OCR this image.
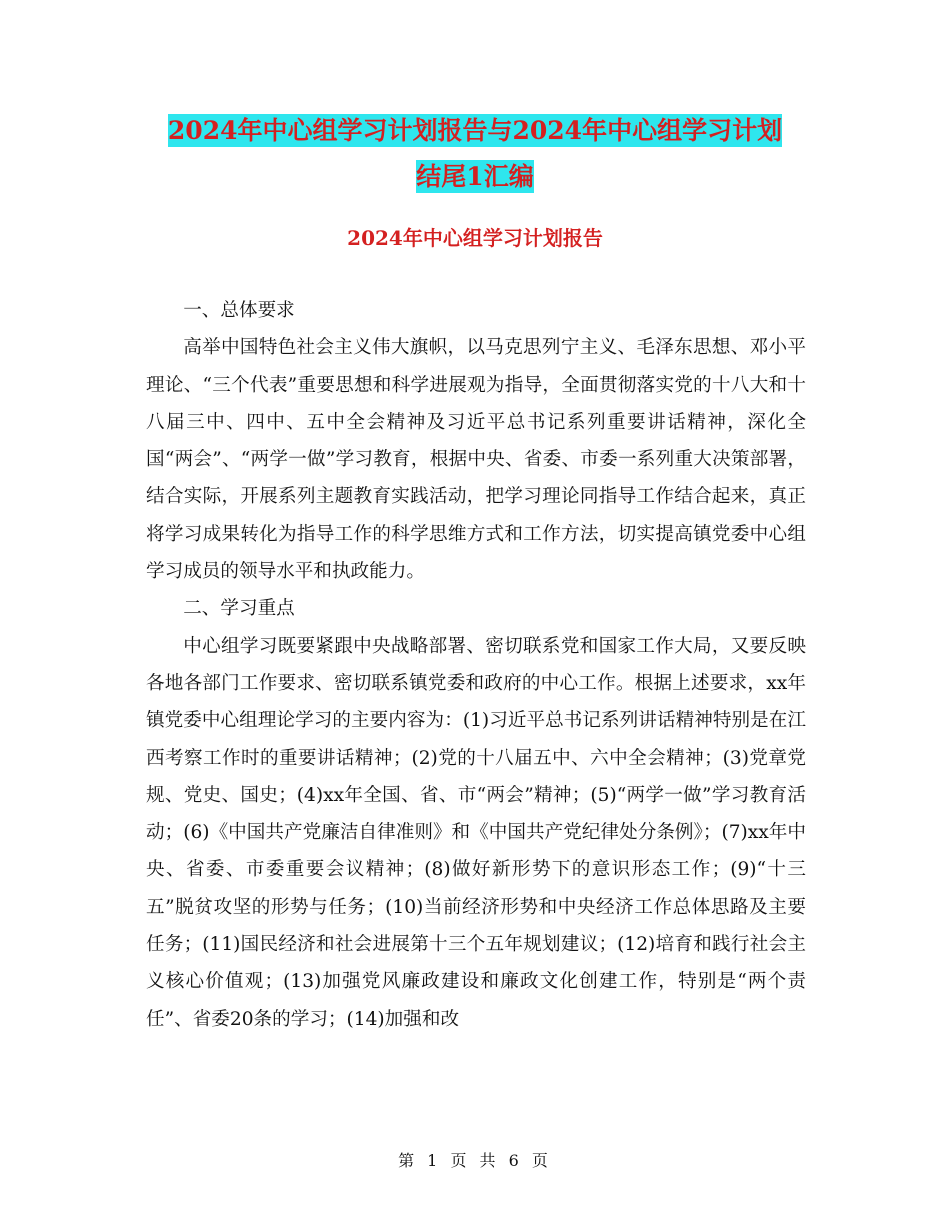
2024年中心组学习计划报告与2024年中心组学习计划
结尾1汇编
2024年中心组学习计划报告

一、总体要求

高举中国特色社会主义伟大旗帜，以马克思列宁主义、毛泽东思想、邓小平理论、“三个代表”重要思想和科学进展观为指导，全面贯彻落实党的十八大和十八届三中、四中、五中全会精神及习近平总书记系列重要讲话精神，深化全国“两会”、“两学一做”学习教育，根据中央、省委、市委一系列重大决策部署，结合实际，开展系列主题教育实践活动，把学习理论同指导工作结合起来，真正将学习成果转化为指导工作的科学思维方式和工作方法，切实提高镇党委中心组学习成员的领导水平和执政能力。

二、学习重点

中心组学习既要紧跟中央战略部署、密切联系党和国家工作大局，又要反映各地各部门工作要求、密切联系镇党委和政府的中心工作。根据上述要求，xx年镇党委中心组理论学习的主要内容为：(1)习近平总书记系列讲话精神特别是在江西考察工作时的重要讲话精神；(2)党的十八届五中、六中全会精神；(3)党章党规、党史、国史；(4)xx年全国、省、市“两会”精神；(5)“两学一做”学习教育活动；(6)《中国共产党廉洁自律准则》和《中国共产党纪律处分条例》；(7)xx年中央、省委、市委重要会议精神；(8)做好新形势下的意识形态工作；(9)“十三五”脱贫攻坚的形势与任务；(10)当前经济形势和中央经济工作总体思路及主要任务；(11)国民经济和社会进展第十三个五年规划建议；(12)培育和践行社会主义核心价值观；(13)加强党风廉政建设和廉政文化创建工作，特别是“两个责任”、省委20条的学习；(14)加强和改

第 1 页 共 6 页
